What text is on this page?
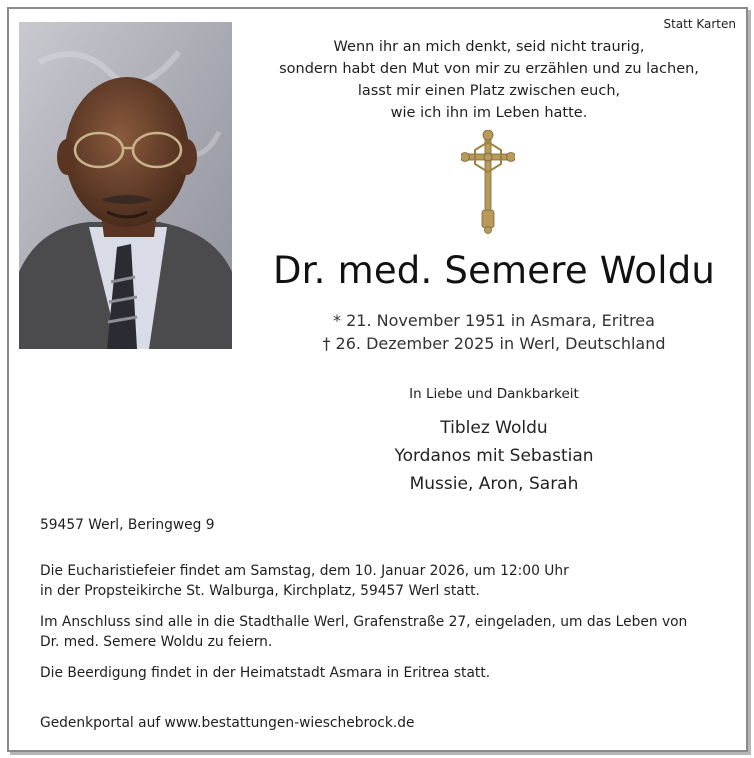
Statt Karten
Wenn ihr an mich denkt, seid nicht traurig,
sondern habt den Mut von mir zu erzählen und zu lachen,
lasst mir einen Platz zwischen euch,
wie ich ihn im Leben hatte.
Dr. med. Semere Woldu
* 21. November 1951 in Asmara, Eritrea
† 26. Dezember 2025 in Werl, Deutschland
In Liebe und Dankbarkeit
Tiblez Woldu
Yordanos mit Sebastian
Mussie, Aron, Sarah
59457 Werl, Beringweg 9
Die Eucharistiefeier findet am Samstag, dem 10. Januar 2026, um 12:00 Uhr
in der Propsteikirche St. Walburga, Kirchplatz, 59457 Werl statt.
Im Anschluss sind alle in die Stadthalle Werl, Grafenstraße 27, eingeladen, um das Leben von
Dr. med. Semere Woldu zu feiern.
Die Beerdigung findet in der Heimatstadt Asmara in Eritrea statt.
Gedenkportal auf www.bestattungen-wieschebrock.de
